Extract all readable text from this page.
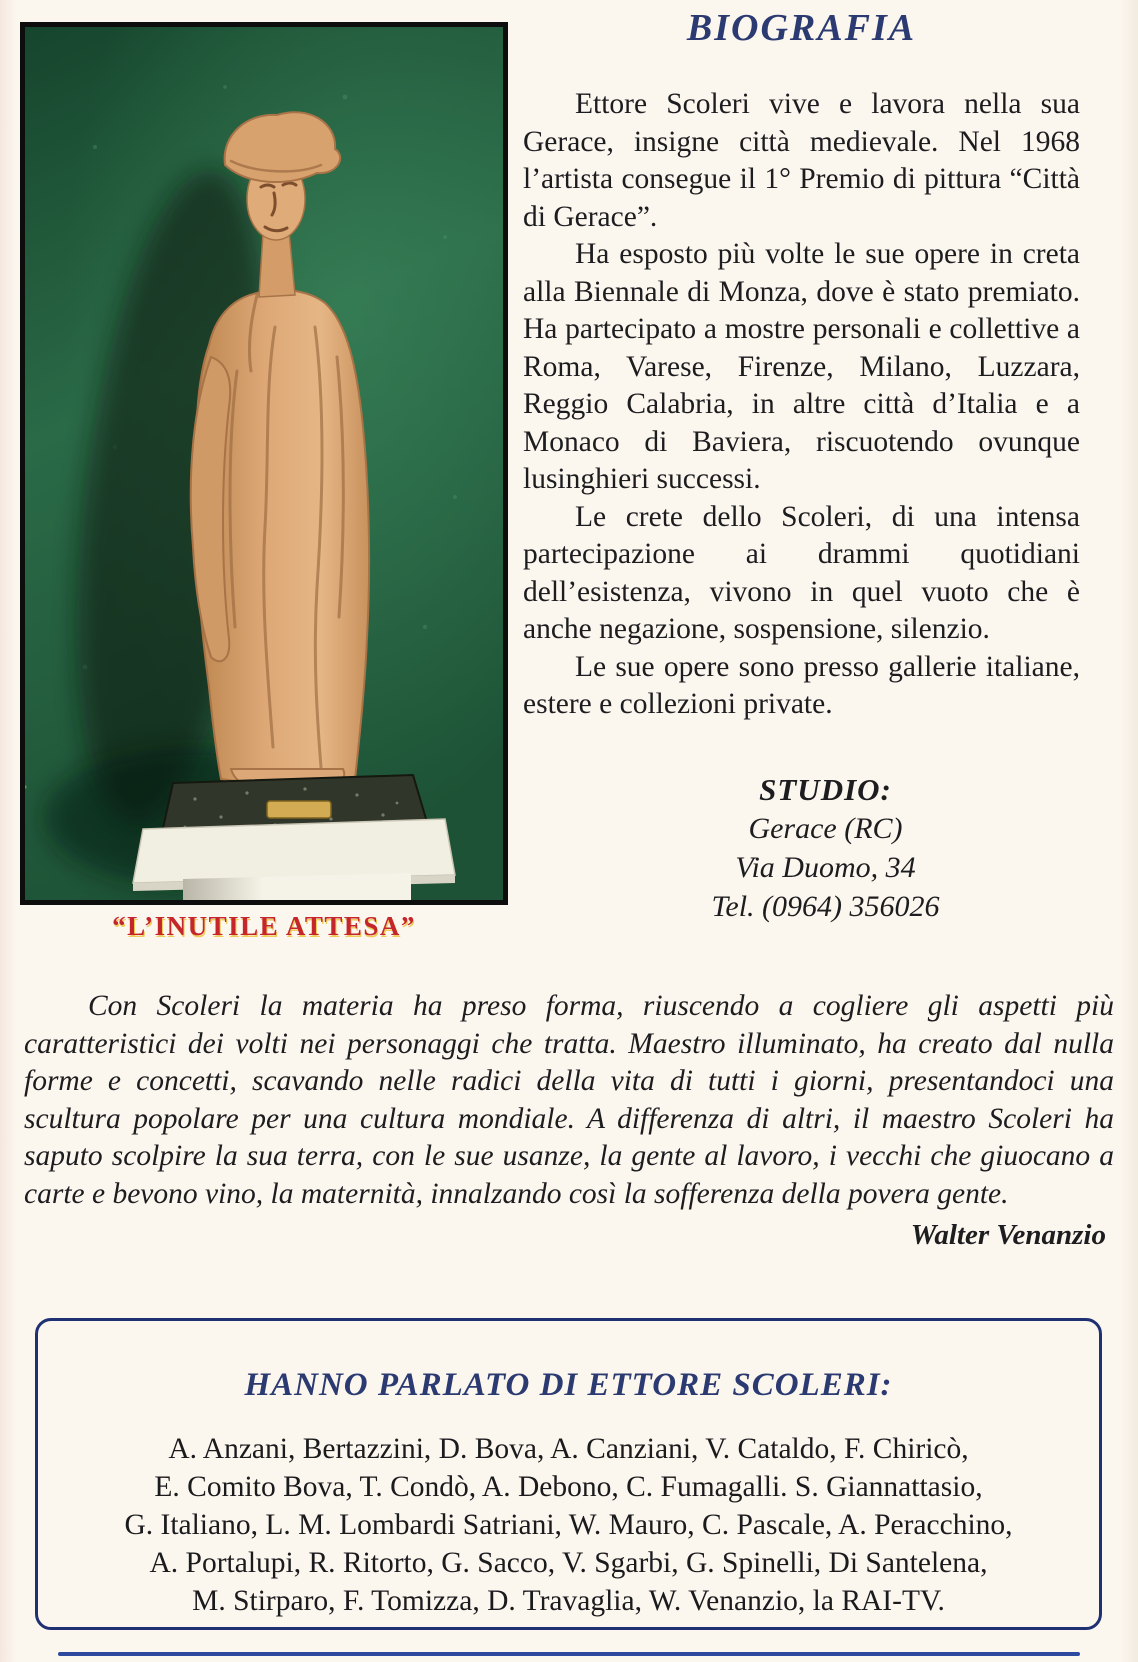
“L’INUTILE ATTESA”
BIOGRAFIA

Ettore Scoleri vive e lavora nella sua Gerace, insigne città medievale. Nel 1968 l’artista consegue il 1° Premio di pittura “Città di Gerace”.

Ha esposto più volte le sue opere in creta alla Biennale di Monza, dove è stato premiato. Ha partecipato a mostre personali e collettive a Roma, Varese, Firenze, Milano, Luzzara, Reggio Calabria, in altre città d’Italia e a Monaco di Baviera, riscuotendo ovunque lusinghieri successi.

Le crete dello Scoleri, di una intensa partecipazione ai drammi quotidiani dell’esistenza, vivono in quel vuoto che è anche negazione, sospensione, silenzio.

Le sue opere sono presso gallerie italiane, estere e collezioni private.

STUDIO:
Gerace (RC)
Via Duomo, 34
Tel. (0964) 356026

Con Scoleri la materia ha preso forma, riuscendo a cogliere gli aspetti più caratteristici dei volti nei personaggi che tratta. Maestro illuminato, ha creato dal nulla forme e concetti, scavando nelle radici della vita di tutti i giorni, presentandoci una scultura popolare per una cultura mondiale. A differenza di altri, il maestro Scoleri ha saputo scolpire la sua terra, con le sue usanze, la gente al lavoro, i vecchi che giuocano a carte e bevono vino, la maternità, innalzando così la sofferenza della povera gente.

Walter Venanzio
HANNO PARLATO DI ETTORE SCOLERI:
A. Anzani, Bertazzini, D. Bova, A. Canziani, V. Cataldo, F. Chiricò,
E. Comito Bova, T. Condò, A. Debono, C. Fumagalli. S. Giannattasio,
G. Italiano, L. M. Lombardi Satriani, W. Mauro, C. Pascale, A. Peracchino,
A. Portalupi, R. Ritorto, G. Sacco, V. Sgarbi, G. Spinelli, Di Santelena,
M. Stirparo, F. Tomizza, D. Travaglia, W. Venanzio, la RAI-TV.
